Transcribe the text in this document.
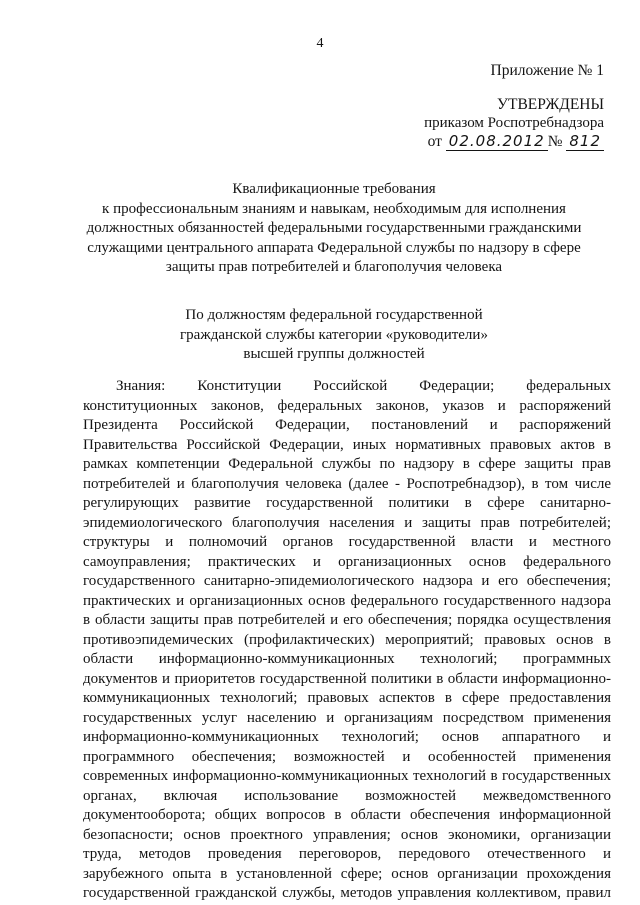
4
Приложение № 1
УТВЕРЖДЕНЫ
приказом Роспотребнадзора
от 02.08.2012 № 812
Квалификационные требования
к профессиональным знаниям и навыкам, необходимым для исполнения
должностных обязанностей федеральными государственными гражданскими
служащими центрального аппарата Федеральной службы по надзору в сфере
защиты прав потребителей и благополучия человека
По должностям федеральной государственной
гражданской службы категории «руководители»
высшей группы должностей
Знания: Конституции Российской Федерации; федеральных
конституционных законов, федеральных законов, указов и распоряжений
Президента Российской Федерации, постановлений и распоряжений
Правительства Российской Федерации, иных нормативных правовых актов в
рамках компетенции Федеральной службы по надзору в сфере защиты прав
потребителей и благополучия человека (далее - Роспотребнадзор), в том числе
регулирующих развитие государственной политики в сфере санитарно-
эпидемиологического благополучия населения и защиты прав потребителей;
структуры и полномочий органов государственной власти и местного
самоуправления; практических и организационных основ федерального
государственного санитарно-эпидемиологического надзора и его обеспечения;
практических и организационных основ федерального государственного надзора
в области защиты прав потребителей и его обеспечения; порядка осуществления
противоэпидемических (профилактических) мероприятий; правовых основ в
области информационно-коммуникационных технологий; программных
документов и приоритетов государственной политики в области информационно-
коммуникационных технологий; правовых аспектов в сфере предоставления
государственных услуг населению и организациям посредством применения
информационно-коммуникационных технологий; основ аппаратного и
программного обеспечения; возможностей и особенностей применения
современных информационно-коммуникационных технологий в государственных
органах, включая использование возможностей межведомственного
документооборота; общих вопросов в области обеспечения информационной
безопасности; основ проектного управления; основ экономики, организации
труда, методов проведения переговоров, передового отечественного и
зарубежного опыта в установленной сфере; основ организации прохождения
государственной гражданской службы, методов управления коллективом, правил
